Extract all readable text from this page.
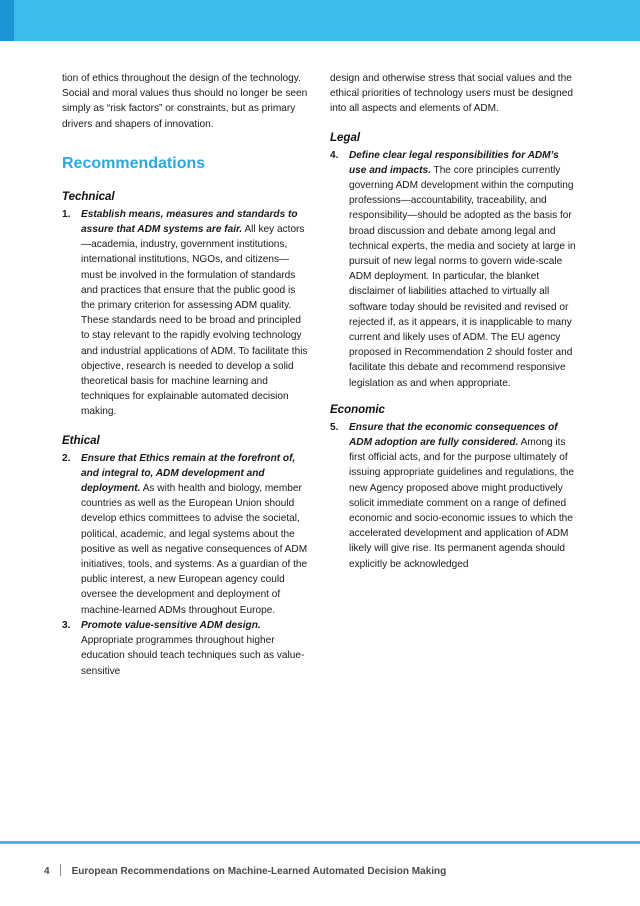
tion of ethics throughout the design of the technology. Social and moral values thus should no longer be seen simply as “risk factors” or constraints, but as primary drivers and shapers of innovation.

Recommendations
Technical

1. Establish means, measures and standards to assure that ADM systems are fair. All key actors—academia, industry, government institutions, international institutions, NGOs, and citizens—must be involved in the formulation of standards and practices that ensure that the public good is the primary criterion for assessing ADM quality. These standards need to be broad and principled to stay relevant to the rapidly evolving technology and industrial applications of ADM. To facilitate this objective, research is needed to develop a solid theoretical basis for machine learning and techniques for explainable automated decision making.

Ethical

2. Ensure that Ethics remain at the forefront of, and integral to, ADM development and deployment. As with health and biology, member countries as well as the European Union should develop ethics committees to advise the societal, political, academic, and legal systems about the positive as well as negative consequences of ADM initiatives, tools, and systems. As a guardian of the public interest, a new European agency could oversee the development and deployment of machine-learned ADMs throughout Europe.

3. Promote value-sensitive ADM design. Appropriate programmes throughout higher education should teach techniques such as value-sensitive

design and otherwise stress that social values and the ethical priorities of technology users must be designed into all aspects and elements of ADM.

Legal

4. Define clear legal responsibilities for ADM’s use and impacts. The core principles currently governing ADM development within the computing professions—accountability, traceability, and responsibility—should be adopted as the basis for broad discussion and debate among legal and technical experts, the media and society at large in pursuit of new legal norms to govern wide-scale ADM deployment. In particular, the blanket disclaimer of liabilities attached to virtually all software today should be revisited and revised or rejected if, as it appears, it is inapplicable to many current and likely uses of ADM. The EU agency proposed in Recommendation 2 should foster and facilitate this debate and recommend responsive legislation as and when appropriate.

Economic

5. Ensure that the economic consequences of ADM adoption are fully considered. Among its first official acts, and for the purpose ultimately of issuing appropriate guidelines and regulations, the new Agency proposed above might productively solicit immediate comment on a range of defined economic and socio-economic issues to which the accelerated development and application of ADM likely will give rise. Its permanent agenda should explicitly be acknowledged

4 European Recommendations on Machine-Learned Automated Decision Making
